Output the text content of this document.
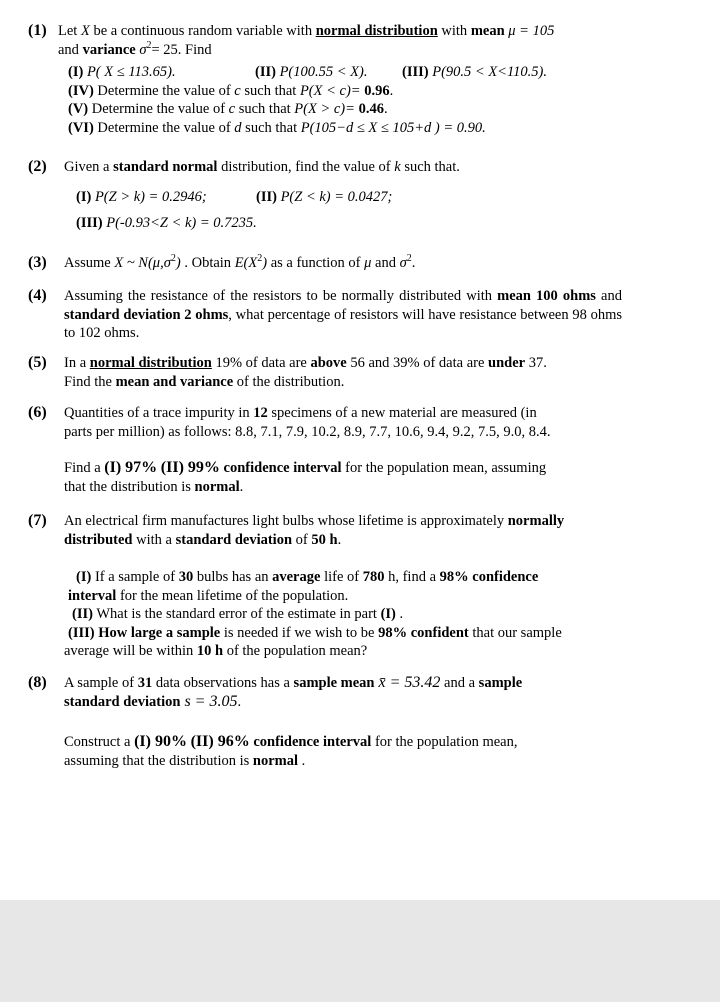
(1) Let X be a continuous random variable with normal distribution with mean μ = 105
and variance $\sigma^2= 25$. Find
(I) P( X ≤ 113.65).	(II) P(100.55 < X). (III) P(90.5 < X<110.5).
(IV) Determine the value of c such that P(X < c)= 0.96.
(V) Determine the value of c such that P(X > c)= 0.46.
(VI) Determine the value of d such that P(105−d ≤ X ≤ 105+d ) = 0.90.
(2) Given a standard normal distribution, find the value of k such that.
(I) P(Z > k) = 0.2946;	(II) P(Z < k) = 0.0427;
(III) P(-0.93<Z < k) = 0.7235.
(3) Assume X ~ $N(\mu,\sigma^2)$ . Obtain $E(X^2)$ as a function of μ and $\sigma^2$.
(4) Assuming the resistance of the resistors to be normally distributed with mean 100 ohms and standard deviation 2 ohms, what percentage of resistors will have resistance between 98 ohms to 102 ohms.
(5) In a normal distribution 19% of data are above 56 and 39% of data are under 37.
Find the mean and variance of the distribution.
(6) Quantities of a trace impurity in 12 specimens of a new material are measured (in
parts per million) as follows: 8.8, 7.1, 7.9, 10.2, 8.9, 7.7, 10.6, 9.4, 9.2, 7.5, 9.0, 8.4.
Find a (I) 97% (II) 99% confidence interval for the population mean, assuming
that the distribution is normal.
(7) An electrical firm manufactures light bulbs whose lifetime is approximately normally distributed with a standard deviation of 50 h.
(I) If a sample of 30 bulbs has an average life of 780 h, find a 98% confidence
interval for the mean lifetime of the population.
(II) What is the standard error of the estimate in part (I) .
(III) How large a sample is needed if we wish to be 98% confident that our sample
average will be within 10 h of the population mean?
(8) A sample of 31 data observations has a sample mean x̄ = 53.42 and a sample
standard deviation s = 3.05.
Construct a (I) 90% (II) 96% confidence interval for the population mean,
assuming that the distribution is normal .
